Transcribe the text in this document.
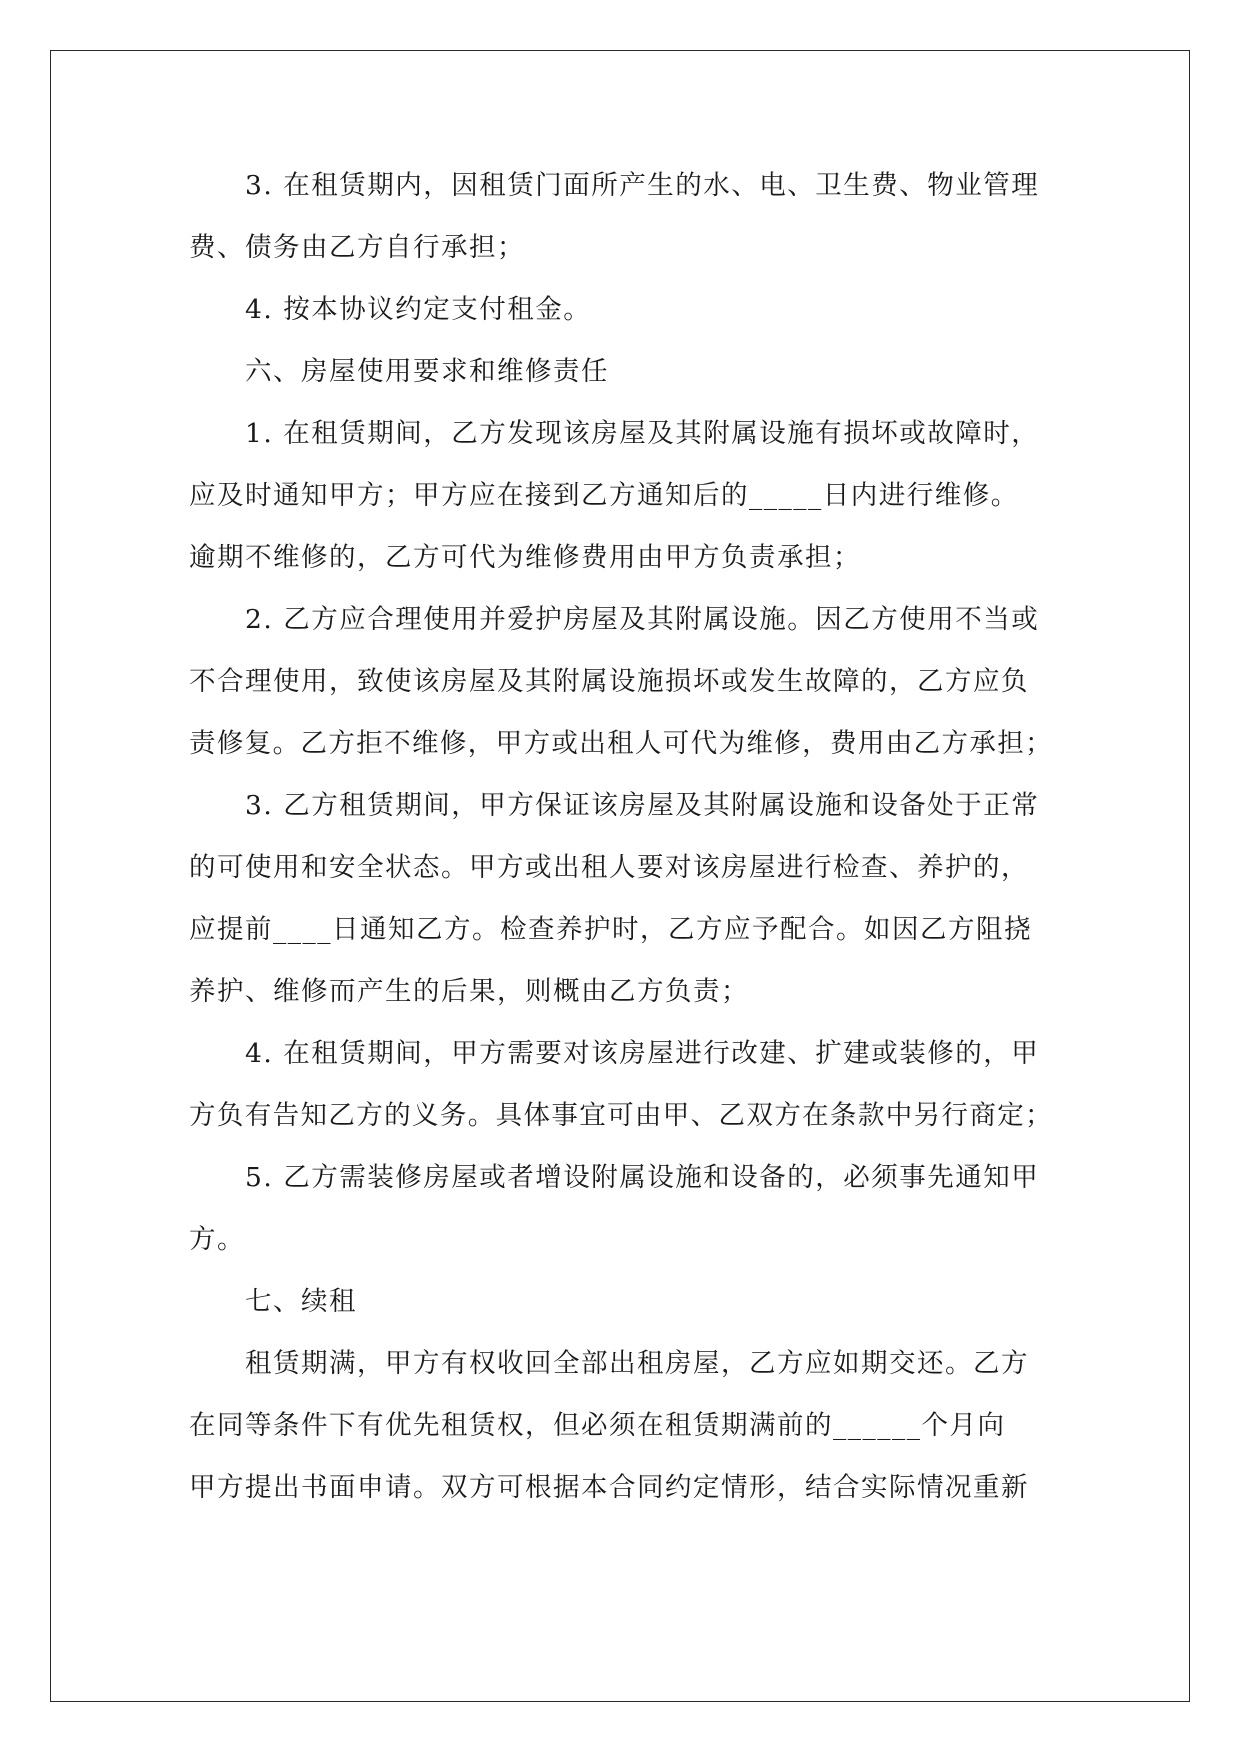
3. 在租赁期内，因租赁门面所产生的水、电、卫生费、物业管理
费、债务由乙方自行承担；
4. 按本协议约定支付租金。
六、房屋使用要求和维修责任
1. 在租赁期间，乙方发现该房屋及其附属设施有损坏或故障时，
应及时通知甲方；甲方应在接到乙方通知后的_____日内进行维修。
逾期不维修的，乙方可代为维修费用由甲方负责承担；
2. 乙方应合理使用并爱护房屋及其附属设施。因乙方使用不当或
不合理使用，致使该房屋及其附属设施损坏或发生故障的，乙方应负
责修复。乙方拒不维修，甲方或出租人可代为维修，费用由乙方承担；
3. 乙方租赁期间，甲方保证该房屋及其附属设施和设备处于正常
的可使用和安全状态。甲方或出租人要对该房屋进行检查、养护的，
应提前____日通知乙方。检查养护时，乙方应予配合。如因乙方阻挠
养护、维修而产生的后果，则概由乙方负责；
4. 在租赁期间，甲方需要对该房屋进行改建、扩建或装修的，甲
方负有告知乙方的义务。具体事宜可由甲、乙双方在条款中另行商定；
5. 乙方需装修房屋或者增设附属设施和设备的，必须事先通知甲
方。
七、续租
租赁期满，甲方有权收回全部出租房屋，乙方应如期交还。乙方
在同等条件下有优先租赁权，但必须在租赁期满前的______个月向
甲方提出书面申请。双方可根据本合同约定情形，结合实际情况重新
